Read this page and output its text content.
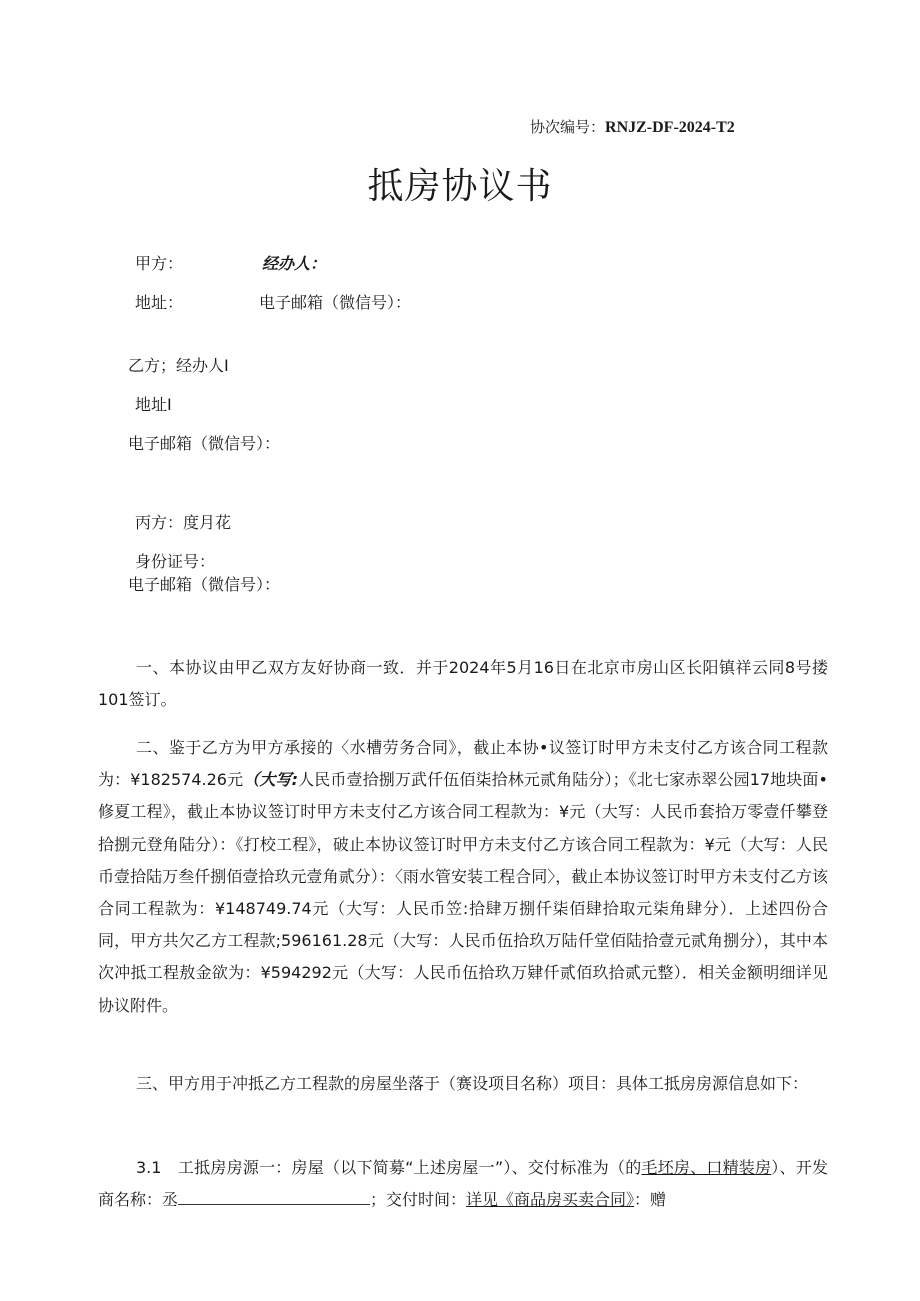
协次编号：RNJZ-DF-2024-T2
抵房协议书
甲方：	经办人：
地址：	电子邮箱（微信号）：
乙方；经办人I
地址I
电子邮箱（微信号）：
丙方：度月花
身份证号：
电子邮箱（微信号）：

一、本协议由甲乙双方友好协商一致．并于2024年5月16日在北京市房山区长阳镇祥云同8号搂101签订。

二、鉴于乙方为甲方承接的〈水槽劳务合同》，截止本协•议签订时甲方未支付乙方该合同工程款为：¥182574.26元（大写:人民币壹拾捌万武仟伍佰柒拾林元贰角陆分）；《北七家赤翠公园17地块面•修夏工程》，截止本协议签订时甲方未支付乙方该合同工程款为：¥元（大写：人民币套拾万零壹仟攀登拾捌元登角陆分）：《打校工程》，破止本协议签订时甲方未支付乙方该合同工程款为：¥元（大写：人民币壹拾陆万叁仟捌佰壹拾玖元壹角贰分）：〈雨水管安装工程合同〉，截止本协议签订时甲方未支付乙方该合同工程款为：¥148749.74元（大写：人民币笠:拾肆万捌仟柒佰肆拾取元柒角肆分）．上述四份合同，甲方共欠乙方工程款;596161.28元（大写：人民币伍拾玖万陆仟堂佰陆拾壹元贰角捌分），其中本次冲抵工程敖金欲为：¥594292元（大写：人民币伍拾玖万肄仟贰佰玖拾贰元整）．相关金额明细详见协议附件。

三、甲方用于冲抵乙方工程款的房屋坐落于（赛设项目名称）项目：具体工抵房房源信息如下：

3.1　工抵房房源一：房屋（以下简募“上述房屋一”）、交付标准为（的毛坯房、口精装房）、开发商名称：丞	；交付时间：详见《商品房买卖合同》：赠
